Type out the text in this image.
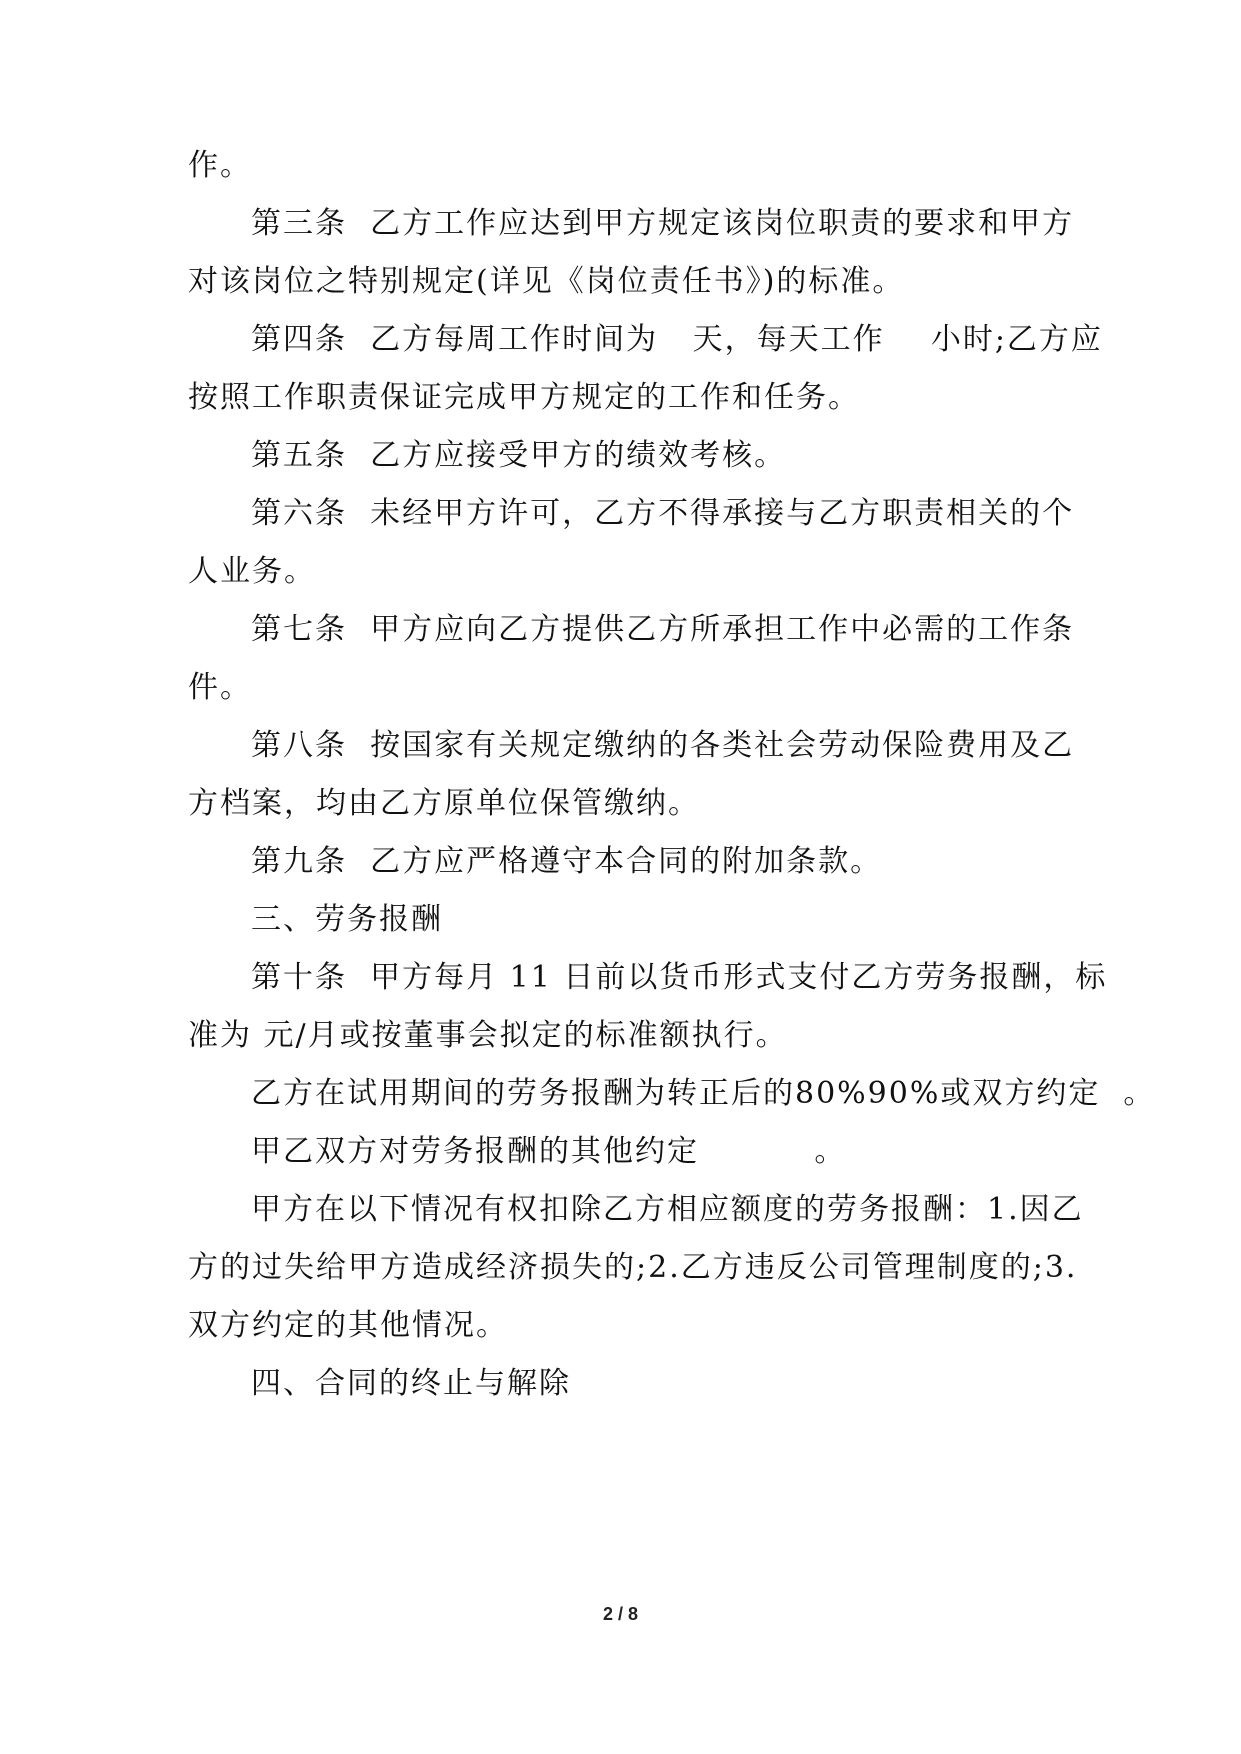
作。
第三条  乙方工作应达到甲方规定该岗位职责的要求和甲方
对该岗位之特别规定(详见《岗位责任书》)的标准。
第四条  乙方每周工作时间为   天，每天工作    小时;乙方应
按照工作职责保证完成甲方规定的工作和任务。
第五条  乙方应接受甲方的绩效考核。
第六条  未经甲方许可，乙方不得承接与乙方职责相关的个
人业务。
第七条  甲方应向乙方提供乙方所承担工作中必需的工作条
件。
第八条  按国家有关规定缴纳的各类社会劳动保险费用及乙
方档案，均由乙方原单位保管缴纳。
第九条  乙方应严格遵守本合同的附加条款。
三、劳务报酬
第十条  甲方每月 11 日前以货币形式支付乙方劳务报酬，标
准为 元/月或按董事会拟定的标准额执行。
乙方在试用期间的劳务报酬为转正后的80%90%或双方约定  。
甲乙双方对劳务报酬的其他约定          。
甲方在以下情况有权扣除乙方相应额度的劳务报酬：1.因乙
方的过失给甲方造成经济损失的;2.乙方违反公司管理制度的;3.
双方约定的其他情况。
四、合同的终止与解除
2 / 8
